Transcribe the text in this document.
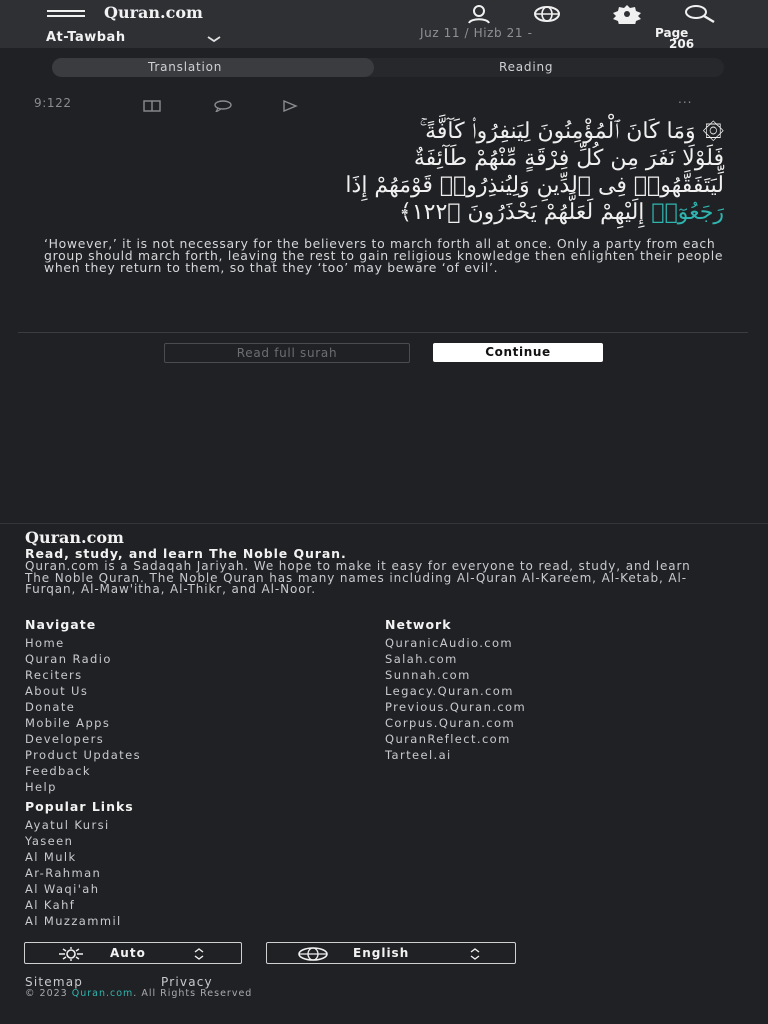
Quran.com
At-Tawbah	Juz 11 / Hizb 21 -	Page
206
Translation	Reading
9:122	...
۞ وَمَا كَانَ ٱلْمُؤْمِنُونَ لِيَنفِرُوا۟ كَآفَّةً ۚ
فَلَوْلَا نَفَرَ مِن كُلِّ فِرْقَةٍ مِّنْهُمْ طَآئِفَةٌ
لِّيَتَفَقَّهُوا۟ فِى ٱلدِّينِ وَلِيُنذِرُوا۟ قَوْمَهُمْ إِذَا
رَجَعُوٓا۟ إِلَيْهِمْ لَعَلَّهُمْ يَحْذَرُونَ ﴿١٢٢﴾
‘However,’ it is not necessary for the believers to march forth all at once. Only a party from each group should march forth, leaving the rest to gain religious knowledge then enlighten their people when they return to them, so that they ‘too’ may beware ‘of evil’.
Read full surah	Continue
Quran.com
Read, study, and learn The Noble Quran.
Quran.com is a Sadaqah Jariyah. We hope to make it easy for everyone to read, study, and learn The Noble Quran. The Noble Quran has many names including Al-Quran Al-Kareem, Al-Ketab, Al-Furqan, Al-Maw'itha, Al-Thikr, and Al-Noor.
Navigate
Home
Quran Radio
Reciters
About Us
Donate
Mobile Apps
Developers
Product Updates
Feedback
Help
Network
QuranicAudio.com
Salah.com
Sunnah.com
Legacy.Quran.com
Previous.Quran.com
Corpus.Quran.com
QuranReflect.com
Tarteel.ai
Popular Links
Ayatul Kursi
Yaseen
Al Mulk
Ar-Rahman
Al Waqi'ah
Al Kahf
Al Muzzammil
Auto	English
Sitemap	Privacy
© 2023 Quran.com. All Rights Reserved
